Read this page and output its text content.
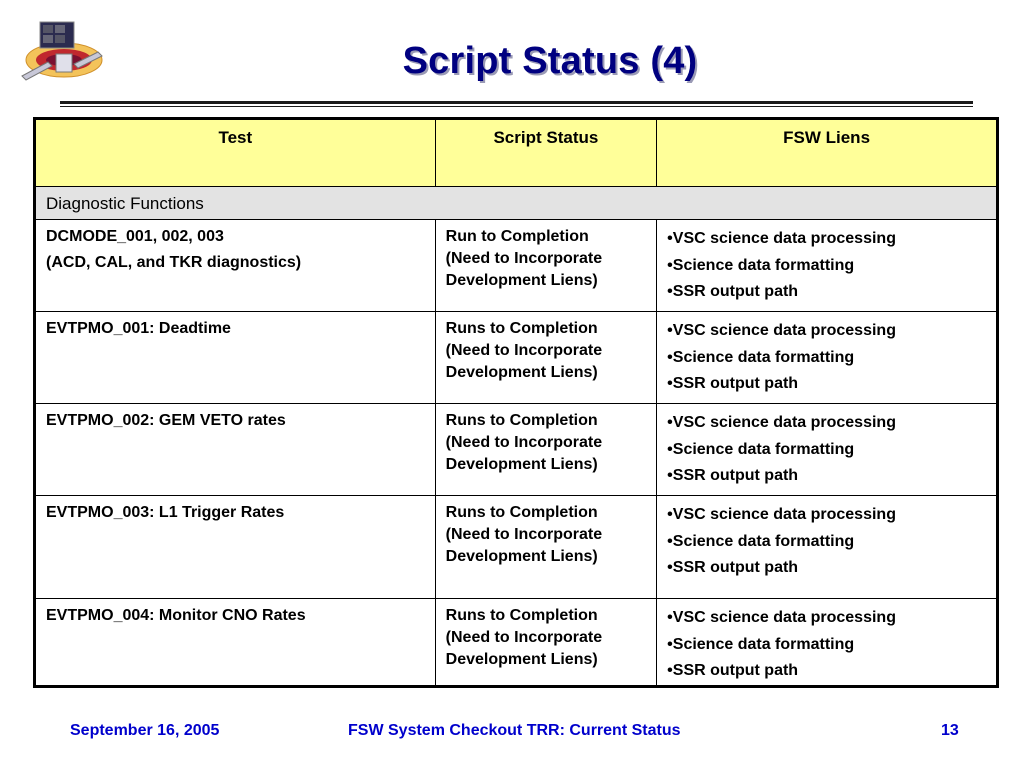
Script Status (4)
Test	Script Status	FSW Liens
Diagnostic Functions		

DCMODE_001, 002, 003
(ACD, CAL, and TKR diagnostics)	Run to Completion
(Need to Incorporate
Development Liens)	• VSC science data processing
• Science data formatting
• SSR output path

EVTPMO_001: Deadtime	Runs to Completion
(Need to Incorporate
Development Liens)	• VSC science data processing
• Science data formatting
• SSR output path

EVTPMO_002: GEM VETO rates	Runs to Completion
(Need to Incorporate
Development Liens)	• VSC science data processing
• Science data formatting
• SSR output path

EVTPMO_003: L1 Trigger Rates	Runs to Completion
(Need to Incorporate
Development Liens)	• VSC science data processing
• Science data formatting
• SSR output path

EVTPMO_004: Monitor CNO Rates	Runs to Completion
(Need to Incorporate
Development Liens)	• VSC science data processing
• Science data formatting
• SSR output path
September 16, 2005	FSW System Checkout TRR: Current Status	13
